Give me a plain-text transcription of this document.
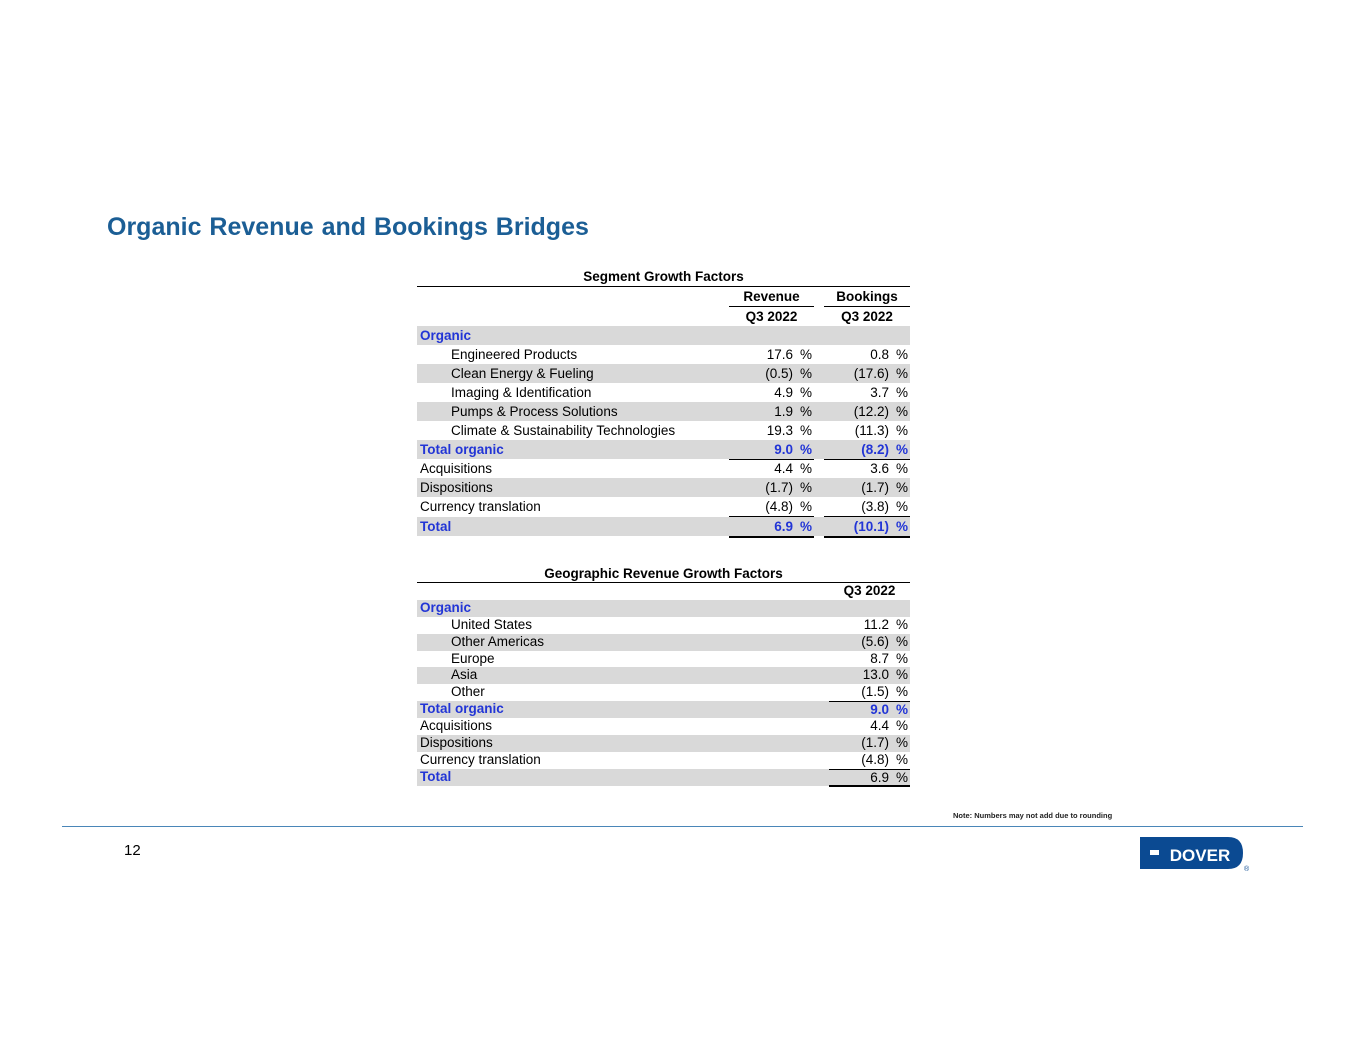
Organic Revenue and Bookings Bridges
Segment Growth Factors
Revenue	Bookings
Q3 2022	Q3 2022
Organic
Engineered Products	17.6 %	0.8 %
Clean Energy & Fueling	(0.5) %	(17.6) %
Imaging & Identification	4.9 %	3.7 %
Pumps & Process Solutions	1.9 %	(12.2) %
Climate & Sustainability Technologies	19.3 %	(11.3) %
Total organic	9.0 %	(8.2) %
Acquisitions	4.4 %	3.6 %
Dispositions	(1.7) %	(1.7) %
Currency translation	(4.8) %	(3.8) %
Total	6.9 %	(10.1) %
Geographic Revenue Growth Factors
Q3 2022
Organic
United States	11.2 %
Other Americas	(5.6) %
Europe	8.7 %
Asia	13.0 %
Other	(1.5) %
Total organic	9.0 %
Acquisitions	4.4 %
Dispositions	(1.7) %
Currency translation	(4.8) %
Total	6.9 %
Note: Numbers may not add due to rounding
12	DOVER
®
